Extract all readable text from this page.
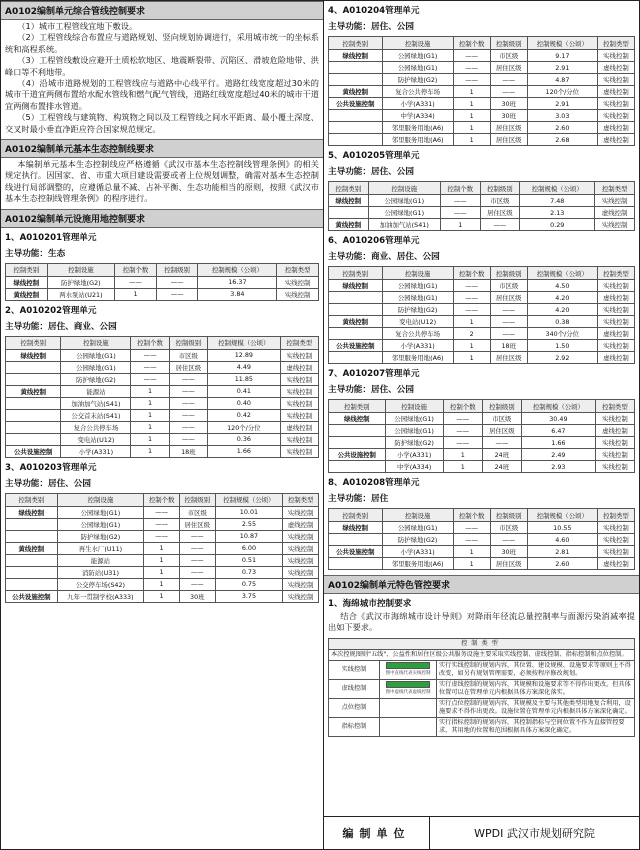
A0102编制单元综合管线控制要求

（1）城市工程管线宜地下敷设。

（2）工程管线综合布置应与道路规划、竖向规划协调进行，采用城市统一的坐标系统和高程系统。

（3）工程管线敷设应避开土质松软地区、地震断裂带、沉陷区、滑坡危险地带、洪峰口等不利地带。

（4）沿城市道路规划的工程管线应与道路中心线平行。道路红线宽度超过30米的城市干道宜两侧布置给水配水管线和燃气配气管线，道路红线宽度超过40米的城市干道宜两侧布置排水管道。

（5）工程管线与建筑物、构筑物之间以及工程管线之间水平距离、最小覆土深度、交叉时最小垂直净距应符合国家规范规定。

A0102编制单元基本生态控制线要求

本编制单元基本生态控制线应严格遵循《武汉市基本生态控制线管理条例》的相关规定执行。因国家、省、市重大项目建设需要或者上位规划调整，确需对基本生态控制线进行局部调整的，应遵循总量不减、占补平衡、生态功能相当的原则，按照《武汉市基本生态控制线管理条例》的程序进行。

A0102编制单元设施用地控制要求
1、A010201管理单元
主导功能：生态
控制类别	控制设施	控制个数	控制级别	控制规模（公顷）	控制类型
绿线控制	防护绿地(G2)	——	——	16.37	实线控制
黄线控制	两水泵站(U21)	1	——	3.84	实线控制
2、A010202管理单元
主导功能：居住、商业、公园
控制类别	控制设施	控制个数	控制级别	控制规模（公顷）	控制类型
绿线控制	公园绿地(G1)	——	市区级	12.89	实线控制
	公园绿地(G1)	——	居住区级	4.49	虚线控制
	防护绿地(G2)	——	——	11.85	实线控制
黄线控制	能源站	1	——	0.41	实线控制
	加油加气站(S41)	1	——	0.40	实线控制
	公交首末站(S41)	1	——	0.42	实线控制
	复合公共停车场	1	——	120个/分位	虚线控制
	变电站(U12)	1	——	0.36	实线控制
公共设施控制	小学(A331)	1	18班	1.66	实线控制
3、A010203管理单元
主导功能：居住、公园
控制类别	控制设施	控制个数	控制级别	控制规模（公顷）	控制类型
绿线控制	公园绿地(G1)	——	市区级	10.01	实线控制
	公园绿地(G1)	——	居住区级	2.55	虚线控制
	防护绿地(G2)	——	——	10.87	实线控制
黄线控制	再生水厂(U11)	1	——	6.00	实线控制
	能源站	1	——	0.51	实线控制
	消防站(U31)	1	——	0.73	实线控制
	公交停车场(S42)	1	——	0.75	实线控制
公共设施控制	九年一贯制学校(A333)	1	30班	3.75	实线控制
4、A010204管理单元
主导功能：居住、公园
控制类别	控制设施	控制个数	控制级别	控制规模（公顷）	控制类型
绿线控制	公园绿地(G1)	——	市区级	9.17	实线控制
	公园绿地(G1)	——	居住区级	2.91	虚线控制
	防护绿地(G2)	——	——	4.87	实线控制
黄线控制	复合公共停车场	1	——	120个/分位	虚线控制
公共设施控制	小学(A331)	1	30班	2.91	实线控制
	中学(A334)	1	30班	3.03	实线控制
	邻里服务用地(A6)	1	居住区级	2.60	虚线控制
	邻里服务用地(A6)	1	居住区级	2.68	虚线控制
5、A010205管理单元
主导功能：居住、公园
控制类别	控制设施	控制个数	控制级别	控制规模（公顷）	控制类型
绿线控制	公园绿地(G1)	——	市区级	7.48	实线控制
	公园绿地(G1)	——	居住区级	2.13	虚线控制
黄线控制	加油加气站(S41)	1	——	0.29	实线控制
6、A010206管理单元
主导功能：商业、居住、公园
控制类别	控制设施	控制个数	控制级别	控制规模（公顷）	控制类型
绿线控制	公园绿地(G1)	——	市区级	4.50	实线控制
	公园绿地(G1)	——	居住区级	4.20	虚线控制
	防护绿地(G2)	——	——	4.20	实线控制
黄线控制	变电站(U12)	1	——	0.38	实线控制
	复合公共停车场	2	——	340个/分位	虚线控制
公共设施控制	小学(A331)	1	18班	1.50	实线控制
	邻里服务用地(A6)	1	居住区级	2.92	虚线控制
7、A010207管理单元
主导功能：居住、公园
控制类别	控制设施	控制个数	控制级别	控制规模（公顷）	控制类型
绿线控制	公园绿地(G1)	——	市区级	30.49	实线控制
	公园绿地(G1)	——	居住区级	6.47	虚线控制
	防护绿地(G2)	——	——	1.66	实线控制
公共设施控制	小学(A331)	1	24班	2.49	实线控制
	中学(A334)	1	24班	2.93	实线控制
8、A010208管理单元
主导功能：居住
控制类别	控制设施	控制个数	控制级别	控制规模（公顷）	控制类型
绿线控制	公园绿地(G1)	——	市区级	10.55	实线控制
	防护绿地(G2)	——	——	4.60	实线控制
公共设施控制	小学(A331)	1	30班	2.81	实线控制
	邻里服务用地(A6)	1	居住区级	2.60	虚线控制
A0102编制单元特色管控要求
1、海绵城市控制要求

结合《武汉市海绵城市设计导则》对降雨年径流总量控制率与面源污染消减率提出如下要求。

控制类型		
本次控规图则"五线"、公益性和居住区级公共服务设施主要采取实线控制、虚线控制、指标控制和点位控制。		
实线控制	图中直线代表实线控制	实行实线控制的规划内容，其位置、建设规模、设施要求等原则上不得改变，如另有规划管理需要，必须按程序修改规划。
虚线控制	图中虚线代表虚线控制	实行虚线控制的规划内容，其规模和设施要求等不得作出更改，但具体位置可以在管理单元内根据具体方案深化落实。
点位控制		实行点位控制的规划内容，其规模及主要与其他类型用地复合利用，设施要求不得作出更改。设施位置在管理单元内根据具体方案深化确定。
指标控制		实行指标控制的规划内容，其控制指标与空间位置不作为直接管控要求，其用地的位置和范围根据具体方案深化确定。
编制单位	WPDI 武汉市规划研究院
